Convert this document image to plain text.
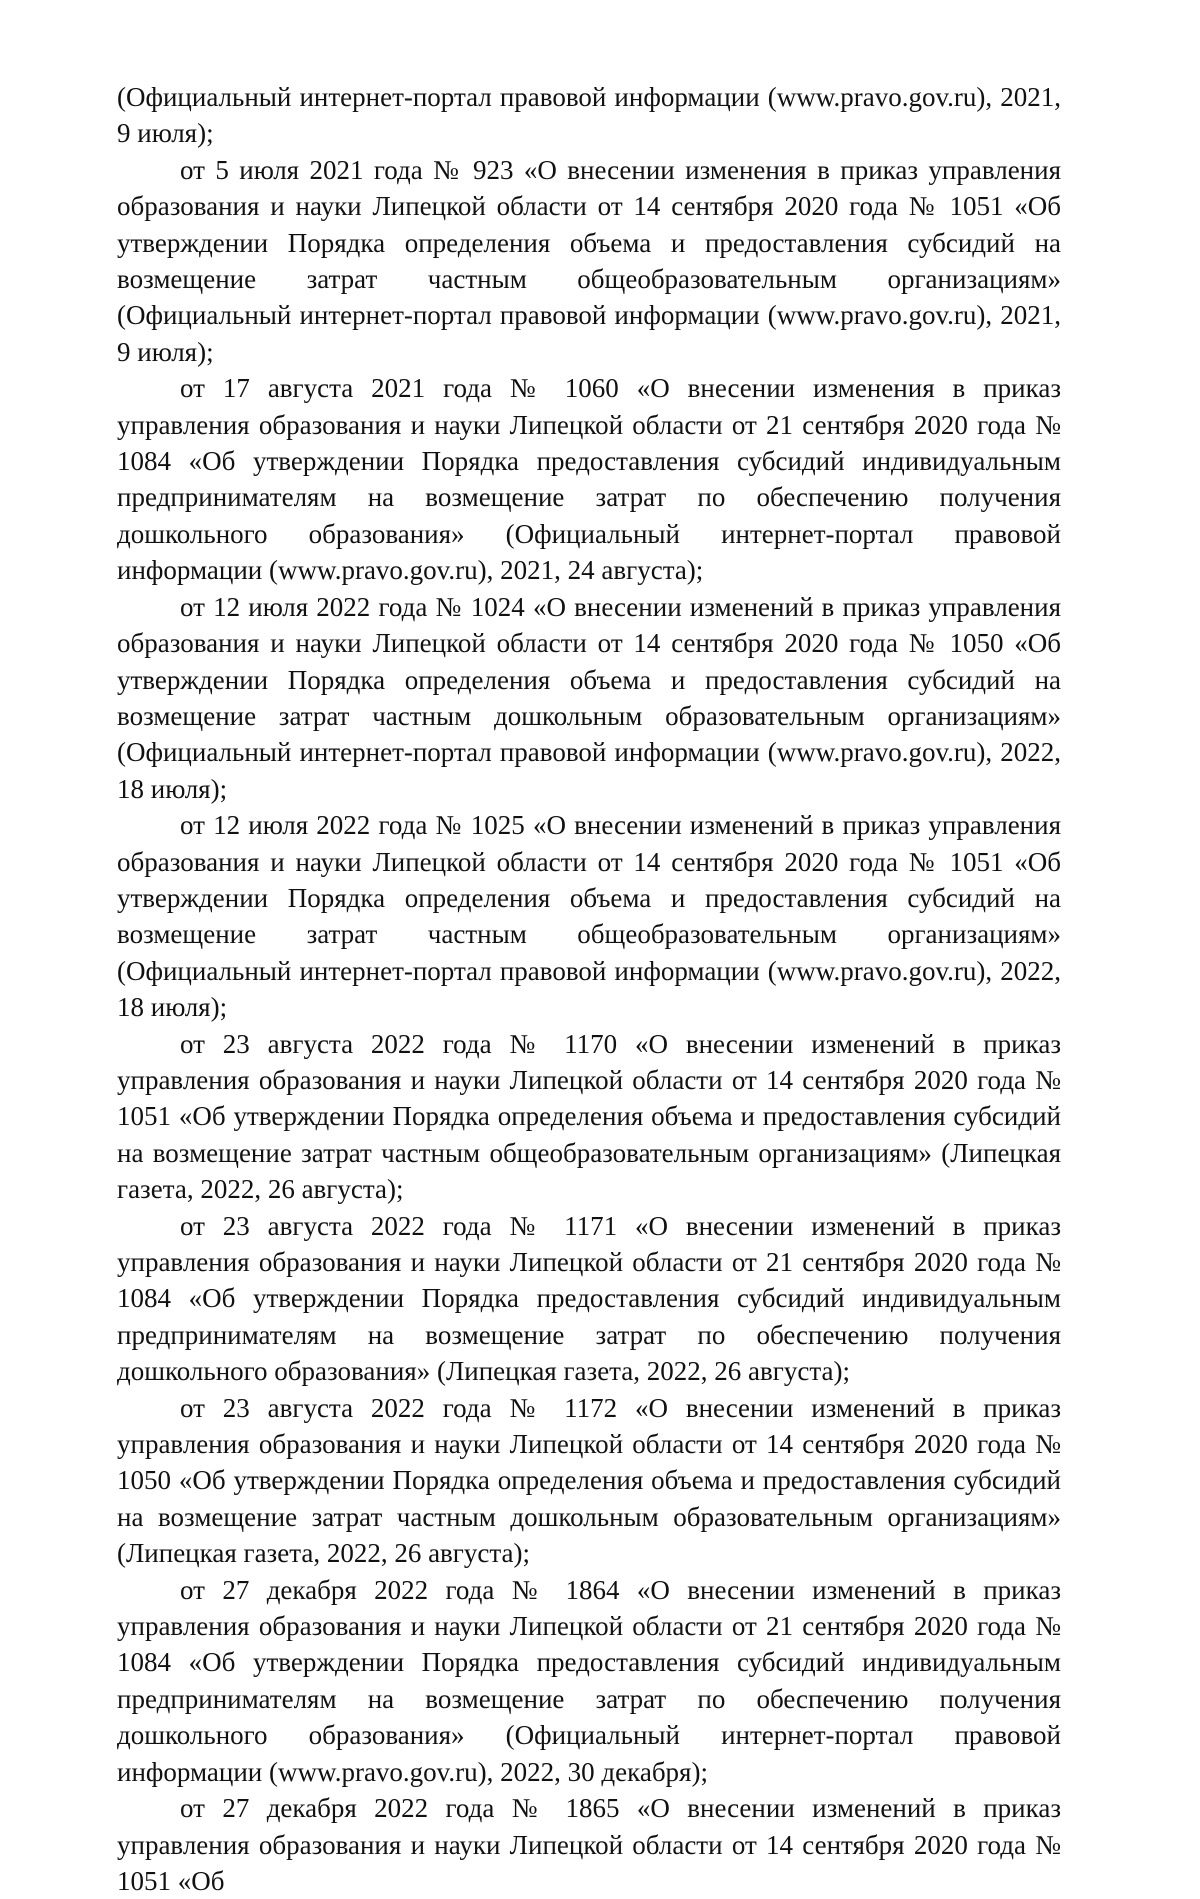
(Официальный интернет-портал правовой информации (www.pravo.gov.ru), 2021, 9 июля);

от 5 июля 2021 года № 923 «О внесении изменения в приказ управления образования и науки Липецкой области от 14 сентября 2020 года № 1051 «Об утверждении Порядка определения объема и предоставления субсидий на возмещение затрат частным общеобразовательным организациям» (Официальный интернет-портал правовой информации (www.pravo.gov.ru), 2021, 9 июля);

от 17 августа 2021 года № 1060 «О внесении изменения в приказ управления образования и науки Липецкой области от 21 сентября 2020 года № 1084 «Об утверждении Порядка предоставления субсидий индивидуальным предпринимателям на возмещение затрат по обеспечению получения дошкольного образования» (Официальный интернет-портал правовой информации (www.pravo.gov.ru), 2021, 24 августа);

от 12 июля 2022 года № 1024 «О внесении изменений в приказ управления образования и науки Липецкой области от 14 сентября 2020 года № 1050 «Об утверждении Порядка определения объема и предоставления субсидий на возмещение затрат частным дошкольным образовательным организациям» (Официальный интернет-портал правовой информации (www.pravo.gov.ru), 2022, 18 июля);

от 12 июля 2022 года № 1025 «О внесении изменений в приказ управления образования и науки Липецкой области от 14 сентября 2020 года № 1051 «Об утверждении Порядка определения объема и предоставления субсидий на возмещение затрат частным общеобразовательным организациям» (Официальный интернет-портал правовой информации (www.pravo.gov.ru), 2022, 18 июля);

от 23 августа 2022 года № 1170 «О внесении изменений в приказ управления образования и науки Липецкой области от 14 сентября 2020 года № 1051 «Об утверждении Порядка определения объема и предоставления субсидий на возмещение затрат частным общеобразовательным организациям» (Липецкая газета, 2022, 26 августа);

от 23 августа 2022 года № 1171 «О внесении изменений в приказ управления образования и науки Липецкой области от 21 сентября 2020 года № 1084 «Об утверждении Порядка предоставления субсидий индивидуальным предпринимателям на возмещение затрат по обеспечению получения дошкольного образования» (Липецкая газета, 2022, 26 августа);

от 23 августа 2022 года № 1172 «О внесении изменений в приказ управления образования и науки Липецкой области от 14 сентября 2020 года № 1050 «Об утверждении Порядка определения объема и предоставления субсидий на возмещение затрат частным дошкольным образовательным организациям» (Липецкая газета, 2022, 26 августа);

от 27 декабря 2022 года № 1864 «О внесении изменений в приказ управления образования и науки Липецкой области от 21 сентября 2020 года № 1084 «Об утверждении Порядка предоставления субсидий индивидуальным предпринимателям на возмещение затрат по обеспечению получения дошкольного образования» (Официальный интернет-портал правовой информации (www.pravo.gov.ru), 2022, 30 декабря);

от 27 декабря 2022 года № 1865 «О внесении изменений в приказ управления образования и науки Липецкой области от 14 сентября 2020 года № 1051 «Об
